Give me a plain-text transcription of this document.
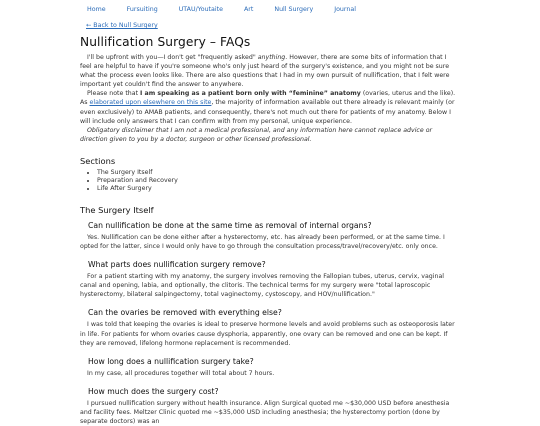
Home	Fursuiting	UTAU/Youtaite	Art	Null Surgery	Journal
← Back to Null Surgery
Nullification Surgery – FAQs

I'll be upfront with you—I don't get "frequently asked" anything. However, there are some bits of information that I feel are helpful to have if you're someone who's only just heard of the surgery's existence, and you might not be sure what the process even looks like. There are also questions that I had in my own pursuit of nullification, that I felt were important yet couldn't find the answer to anywhere.

Please note that I am speaking as a patient born only with “feminine” anatomy (ovaries, uterus and the like). As elaborated upon elsewhere on this site, the majority of information available out there already is relevant mainly (or even exclusively) to AMAB patients, and consequently, there's not much out there for patients of my anatomy. Below I will include only answers that I can confirm with from my personal, unique experience.

Obligatory disclaimer that I am not a medical professional, and any information here cannot replace advice or direction given to you by a doctor, surgeon or other licensed professional.

Sections
• The Surgery Itself
• Preparation and Recovery
• Life After Surgery
The Surgery Itself
Can nullification be done at the same time as removal of internal organs?

Yes. Nullification can be done either after a hysterectomy, etc. has already been performed, or at the same time. I opted for the latter, since I would only have to go through the consultation process/travel/recovery/etc. only once.

What parts does nullification surgery remove?

For a patient starting with my anatomy, the surgery involves removing the Fallopian tubes, uterus, cervix, vaginal canal and opening, labia, and optionally, the clitoris. The technical terms for my surgery were "total laproscopic hysterectomy, bilateral salpingectomy, total vaginectomy, cystoscopy, and HOV/nullification."

Can the ovaries be removed with everything else?

I was told that keeping the ovaries is ideal to preserve hormone levels and avoid problems such as osteoporosis later in life. For patients for whom ovaries cause dysphoria, apparently, one ovary can be removed and one can be kept. If they are removed, lifelong hormone replacement is recommended.

How long does a nullification surgery take?

In my case, all procedures together will total about 7 hours.

How much does the surgery cost?

I pursued nullification surgery without health insurance. Align Surgical quoted me ~$30,000 USD before anesthesia and facility fees. Meltzer Clinic quoted me ~$35,000 USD including anesthesia; the hysterectomy portion (done by separate doctors) was an
